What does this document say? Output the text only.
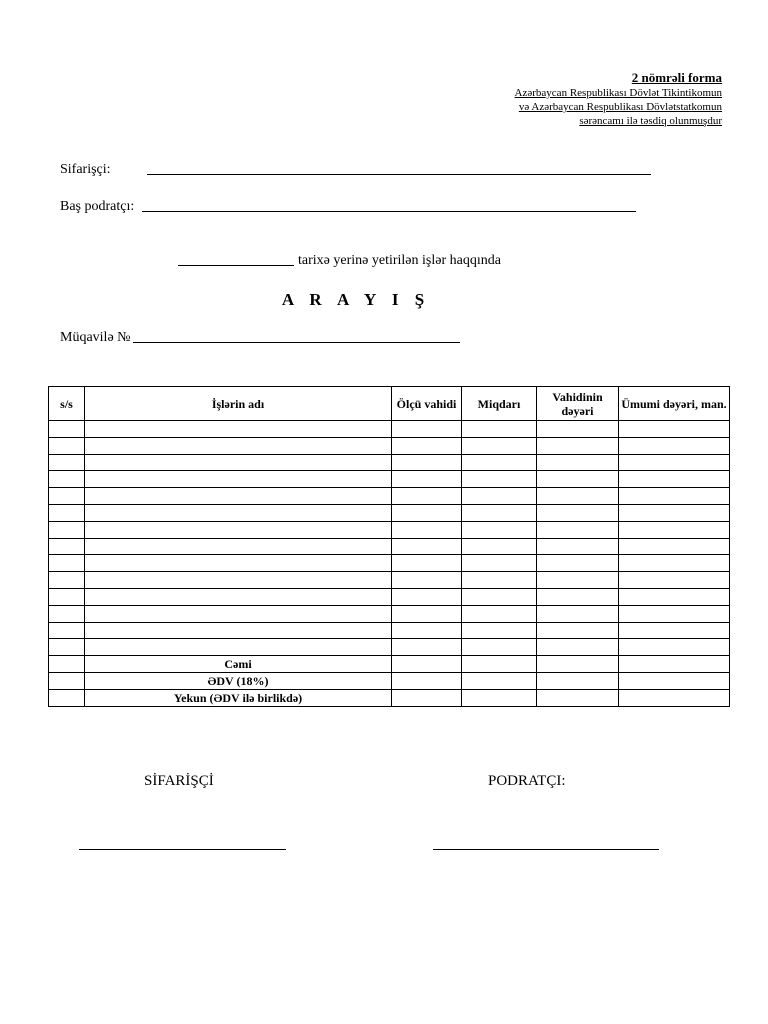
2 nömrəli forma
Azərbaycan Respublikası Dövlət Tikintikomun
və Azərbaycan Respublikası Dövlətstatkomun
sərəncamı ilə təsdiq olunmuşdur
Sifarişçi:
Baş podratçı:
tarixə yerinə yetirilən işlər haqqında
A R A Y I Ş
Müqavilə №
s/s	İşlərin adı	Ölçü vahidi	Miqdarı	Vahidinin dəyəri	Ümumi dəyəri, man.

	Cəmi				
	ƏDV (18%)				
	Yekun (ƏDV ilə birlikdə)				
SİFARİŞÇİ	PODRATÇI:
